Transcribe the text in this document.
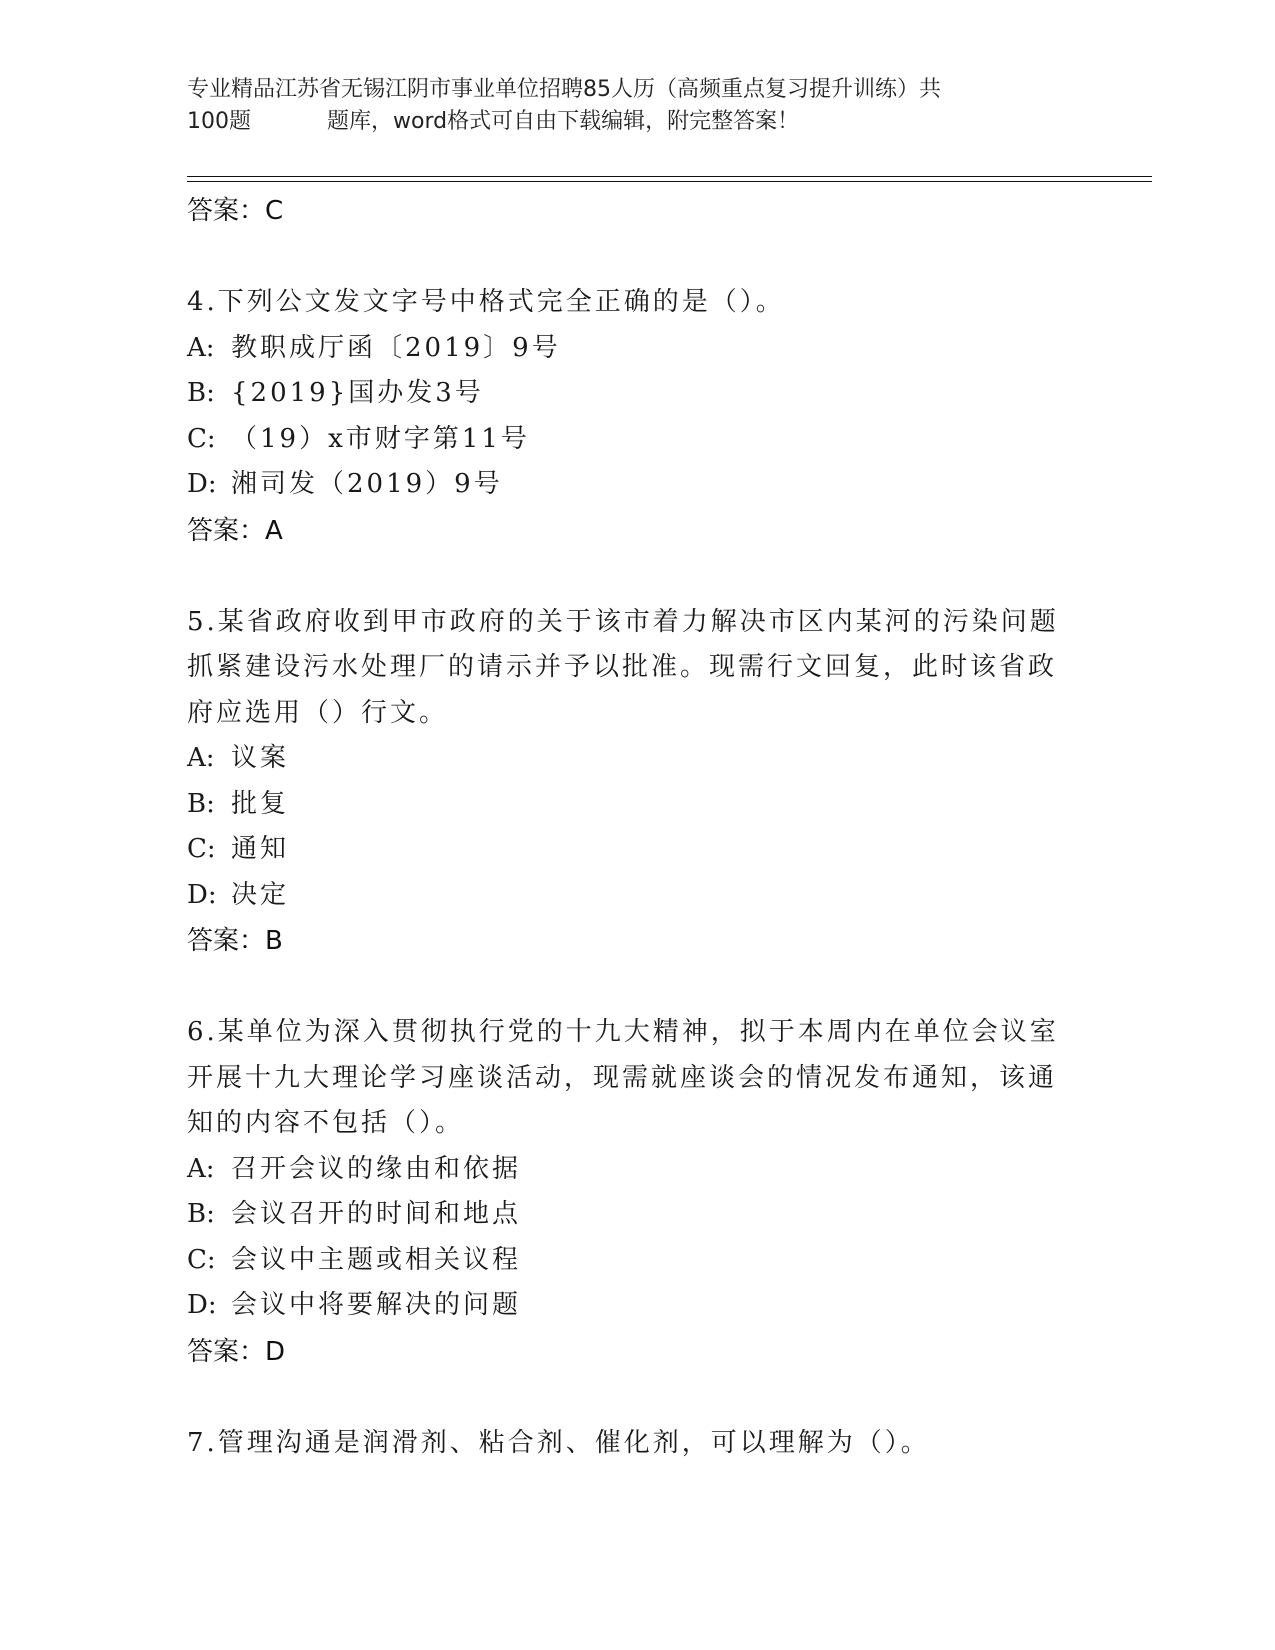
专业精品江苏省无锡江阴市事业单位招聘85人历（高频重点复习提升训练）共
100题	题库，word格式可自由下载编辑，附完整答案！
答案：C
4.下列公文发文字号中格式完全正确的是（）。
A: 教职成厅函〔2019〕9号
B: {2019}国办发3号
C: （19）x市财字第11号
D: 湘司发（2019）9号
答案：A
5.某省政府收到甲市政府的关于该市着力解决市区内某河的污染问题抓紧建设污水处理厂的请示并予以批准。现需行文回复，此时该省政府应选用（）行文。
A: 议案
B: 批复
C: 通知
D: 决定
答案：B
6.某单位为深入贯彻执行党的十九大精神，拟于本周内在单位会议室开展十九大理论学习座谈活动，现需就座谈会的情况发布通知，该通知的内容不包括（）。
A: 召开会议的缘由和依据
B: 会议召开的时间和地点
C: 会议中主题或相关议程
D: 会议中将要解决的问题
答案：D
7.管理沟通是润滑剂、粘合剂、催化剂，可以理解为（）。
